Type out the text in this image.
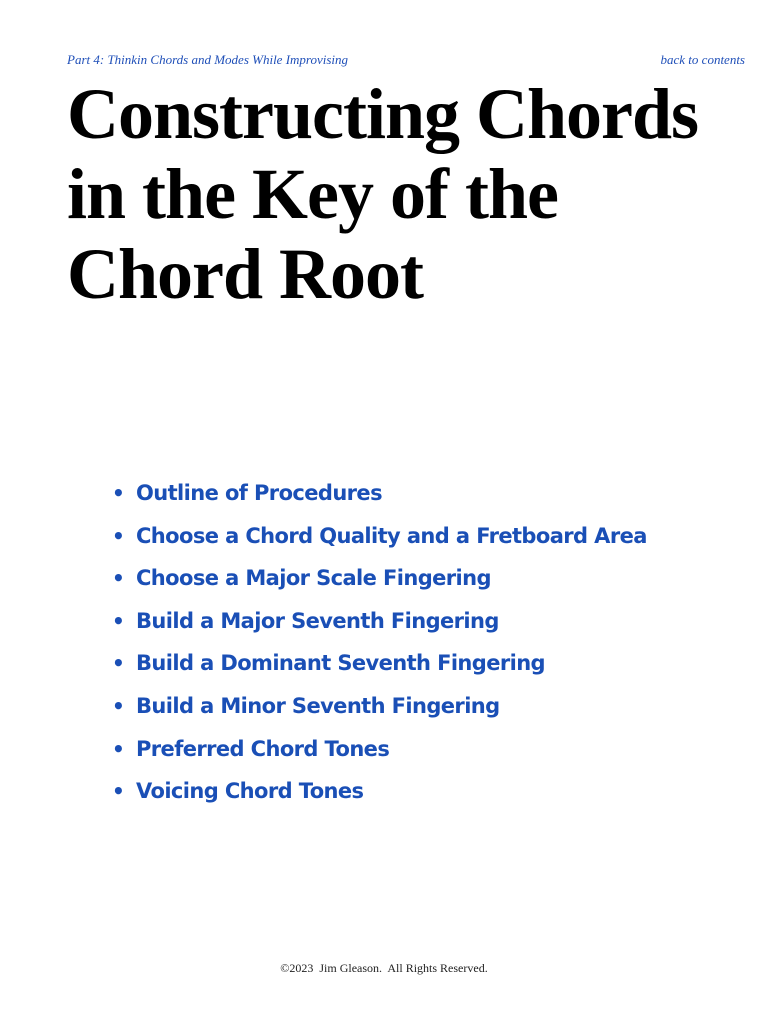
Part 4: Thinkin Chords and Modes While Improvising	back to contents
Constructing Chords
in the Key of the
Chord Root
• Outline of Procedures
• Choose a Chord Quality and a Fretboard Area
• Choose a Major Scale Fingering
• Build a Major Seventh Fingering
• Build a Dominant Seventh Fingering
• Build a Minor Seventh Fingering
• Preferred Chord Tones
• Voicing Chord Tones
©2023  Jim Gleason.  All Rights Reserved.
